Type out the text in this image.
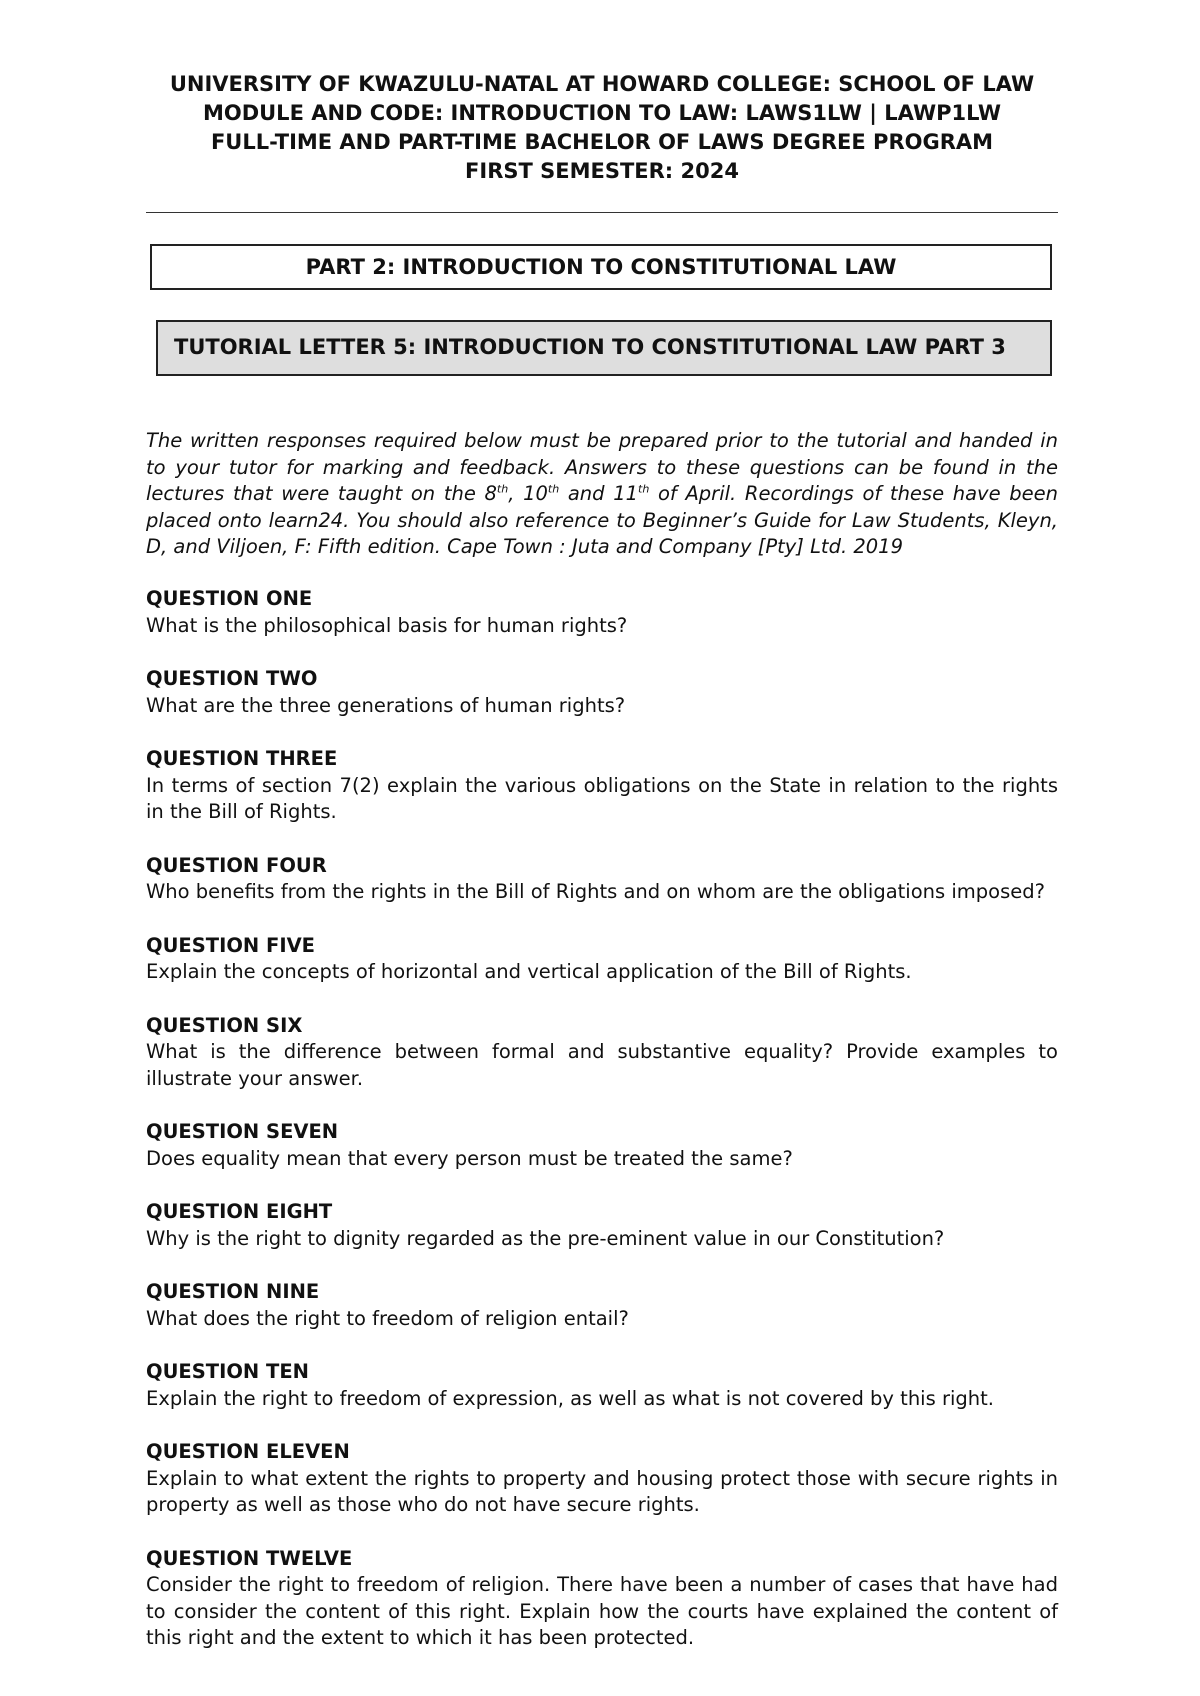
UNIVERSITY OF KWAZULU-NATAL AT HOWARD COLLEGE: SCHOOL OF LAW
MODULE AND CODE: INTRODUCTION TO LAW: LAWS1LW | LAWP1LW
FULL-TIME AND PART-TIME BACHELOR OF LAWS DEGREE PROGRAM
FIRST SEMESTER: 2024
PART 2: INTRODUCTION TO CONSTITUTIONAL LAW
TUTORIAL LETTER 5: INTRODUCTION TO CONSTITUTIONAL LAW PART 3
The written responses required below must be prepared prior to the tutorial and handed in to your tutor for marking and feedback. Answers to these questions can be found in the lectures that were taught on the 8th, 10th and 11th of April. Recordings of these have been placed onto learn24. You should also reference to Beginner’s Guide for Law Students, Kleyn, D, and Viljoen, F: Fifth edition. Cape Town : Juta and Company [Pty] Ltd. 2019
QUESTION ONE
What is the philosophical basis for human rights?
QUESTION TWO
What are the three generations of human rights?
QUESTION THREE
In terms of section 7(2) explain the various obligations on the State in relation to the rights in the Bill of Rights.
QUESTION FOUR
Who benefits from the rights in the Bill of Rights and on whom are the obligations imposed?
QUESTION FIVE
Explain the concepts of horizontal and vertical application of the Bill of Rights.
QUESTION SIX
What is the difference between formal and substantive equality? Provide examples to illustrate your answer.
QUESTION SEVEN
Does equality mean that every person must be treated the same?
QUESTION EIGHT
Why is the right to dignity regarded as the pre-eminent value in our Constitution?
QUESTION NINE
What does the right to freedom of religion entail?
QUESTION TEN
Explain the right to freedom of expression, as well as what is not covered by this right.
QUESTION ELEVEN
Explain to what extent the rights to property and housing protect those with secure rights in property as well as those who do not have secure rights.
QUESTION TWELVE
Consider the right to freedom of religion. There have been a number of cases that have had to consider the content of this right. Explain how the courts have explained the content of this right and the extent to which it has been protected.
